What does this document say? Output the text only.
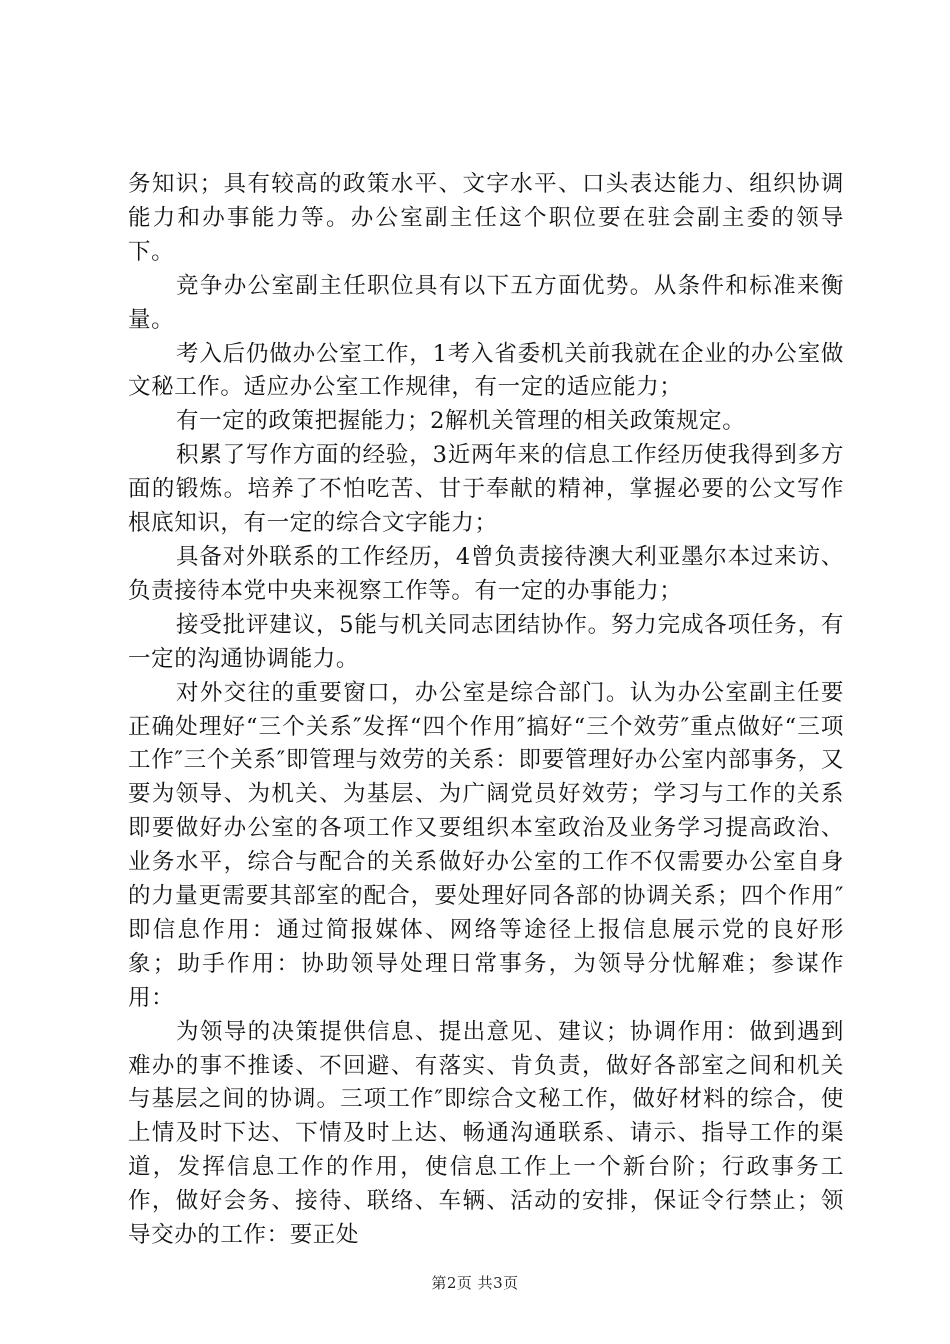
务知识；具有较高的政策水平、文字水平、口头表达能力、组织协调能力和办事能力等。办公室副主任这个职位要在驻会副主委的领导下。

竞争办公室副主任职位具有以下五方面优势。从条件和标准来衡量。

考入后仍做办公室工作，1考入省委机关前我就在企业的办公室做文秘工作。适应办公室工作规律，有一定的适应能力；

有一定的政策把握能力；2解机关管理的相关政策规定。

积累了写作方面的经验，3近两年来的信息工作经历使我得到多方面的锻炼。培养了不怕吃苦、甘于奉献的精神，掌握必要的公文写作根底知识，有一定的综合文字能力；

具备对外联系的工作经历，4曾负责接待澳大利亚墨尔本过来访、负责接待本党中央来视察工作等。有一定的办事能力；

接受批评建议，5能与机关同志团结协作。努力完成各项任务，有一定的沟通协调能力。

对外交往的重要窗口，办公室是综合部门。认为办公室副主任要正确处理好“三个关系″发挥“四个作用″搞好“三个效劳″重点做好“三项工作″三个关系″即管理与效劳的关系：即要管理好办公室内部事务，又要为领导、为机关、为基层、为广阔党员好效劳；学习与工作的关系即要做好办公室的各项工作又要组织本室政治及业务学习提高政治、业务水平，综合与配合的关系做好办公室的工作不仅需要办公室自身的力量更需要其部室的配合，要处理好同各部的协调关系；四个作用″即信息作用：通过简报媒体、网络等途径上报信息展示党的良好形象；助手作用：协助领导处理日常事务，为领导分忧解难；参谋作用：

为领导的决策提供信息、提出意见、建议；协调作用：做到遇到难办的事不推诿、不回避、有落实、肯负责，做好各部室之间和机关与基层之间的协调。三项工作″即综合文秘工作，做好材料的综合，使上情及时下达、下情及时上达、畅通沟通联系、请示、指导工作的渠道，发挥信息工作的作用，使信息工作上一个新台阶；行政事务工作，做好会务、接待、联络、车辆、活动的安排，保证令行禁止；领导交办的工作：要正处

第2页 共3页
